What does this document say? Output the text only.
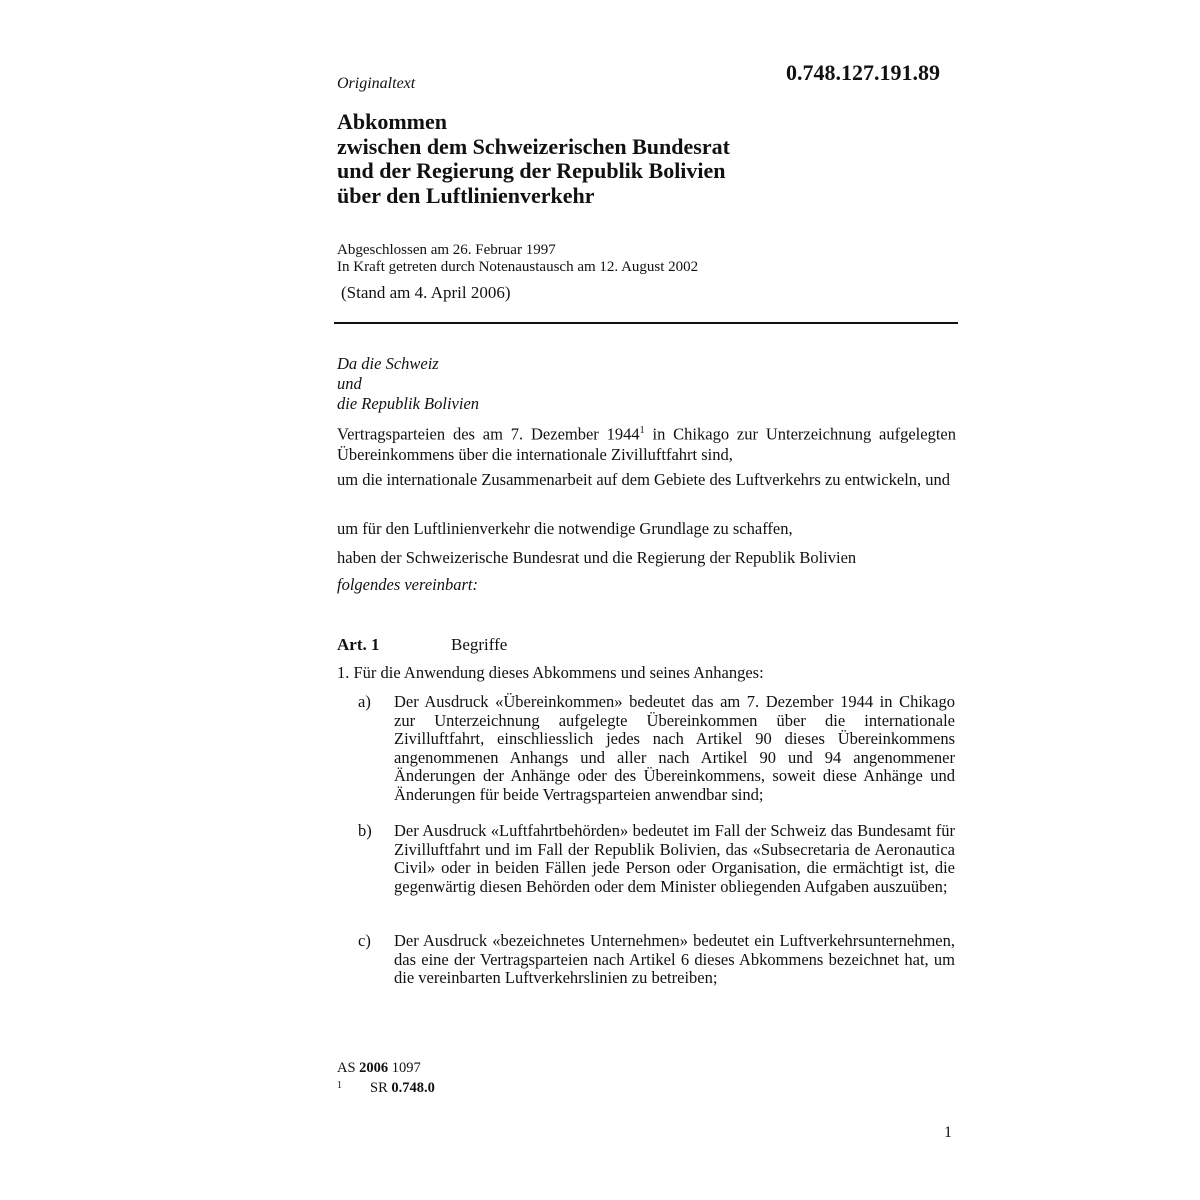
Originaltext	0.748.127.191.89
Abkommen
zwischen dem Schweizerischen Bundesrat
und der Regierung der Republik Bolivien
über den Luftlinienverkehr
Abgeschlossen am 26. Februar 1997
In Kraft getreten durch Notenaustausch am 12. August 2002
(Stand am 4. April 2006)
Da die Schweiz
und
die Republik Bolivien
Vertragsparteien des am 7. Dezember 1944$^1$ in Chikago zur Unterzeichnung aufgelegten Übereinkommens über die internationale Zivilluftfahrt sind,
um die internationale Zusammenarbeit auf dem Gebiete des Luftverkehrs zu entwickeln, und
um für den Luftlinienverkehr die notwendige Grundlage zu schaffen,
haben der Schweizerische Bundesrat und die Regierung der Republik Bolivien
folgendes vereinbart:
Art. 1	Begriffe
1. Für die Anwendung dieses Abkommens und seines Anhanges:
a) Der Ausdruck «Übereinkommen» bedeutet das am 7. Dezember 1944 in Chikago zur Unterzeichnung aufgelegte Übereinkommen über die internationale Zivilluftfahrt, einschliesslich jedes nach Artikel 90 dieses Übereinkommens angenommenen Anhangs und aller nach Artikel 90 und 94 angenommener Änderungen der Anhänge oder des Übereinkommens, soweit diese Anhänge und Änderungen für beide Vertragsparteien anwendbar sind;
b) Der Ausdruck «Luftfahrtbehörden» bedeutet im Fall der Schweiz das Bundesamt für Zivilluftfahrt und im Fall der Republik Bolivien, das «Subsecretaria de Aeronautica Civil» oder in beiden Fällen jede Person oder Organisation, die ermächtigt ist, die gegenwärtig diesen Behörden oder dem Minister obliegenden Aufgaben auszuüben;
c) Der Ausdruck «bezeichnetes Unternehmen» bedeutet ein Luftverkehrsunternehmen, das eine der Vertragsparteien nach Artikel 6 dieses Abkommens bezeichnet hat, um die vereinbarten Luftverkehrslinien zu betreiben;
AS 2006 1097
1 SR 0.748.0
1
